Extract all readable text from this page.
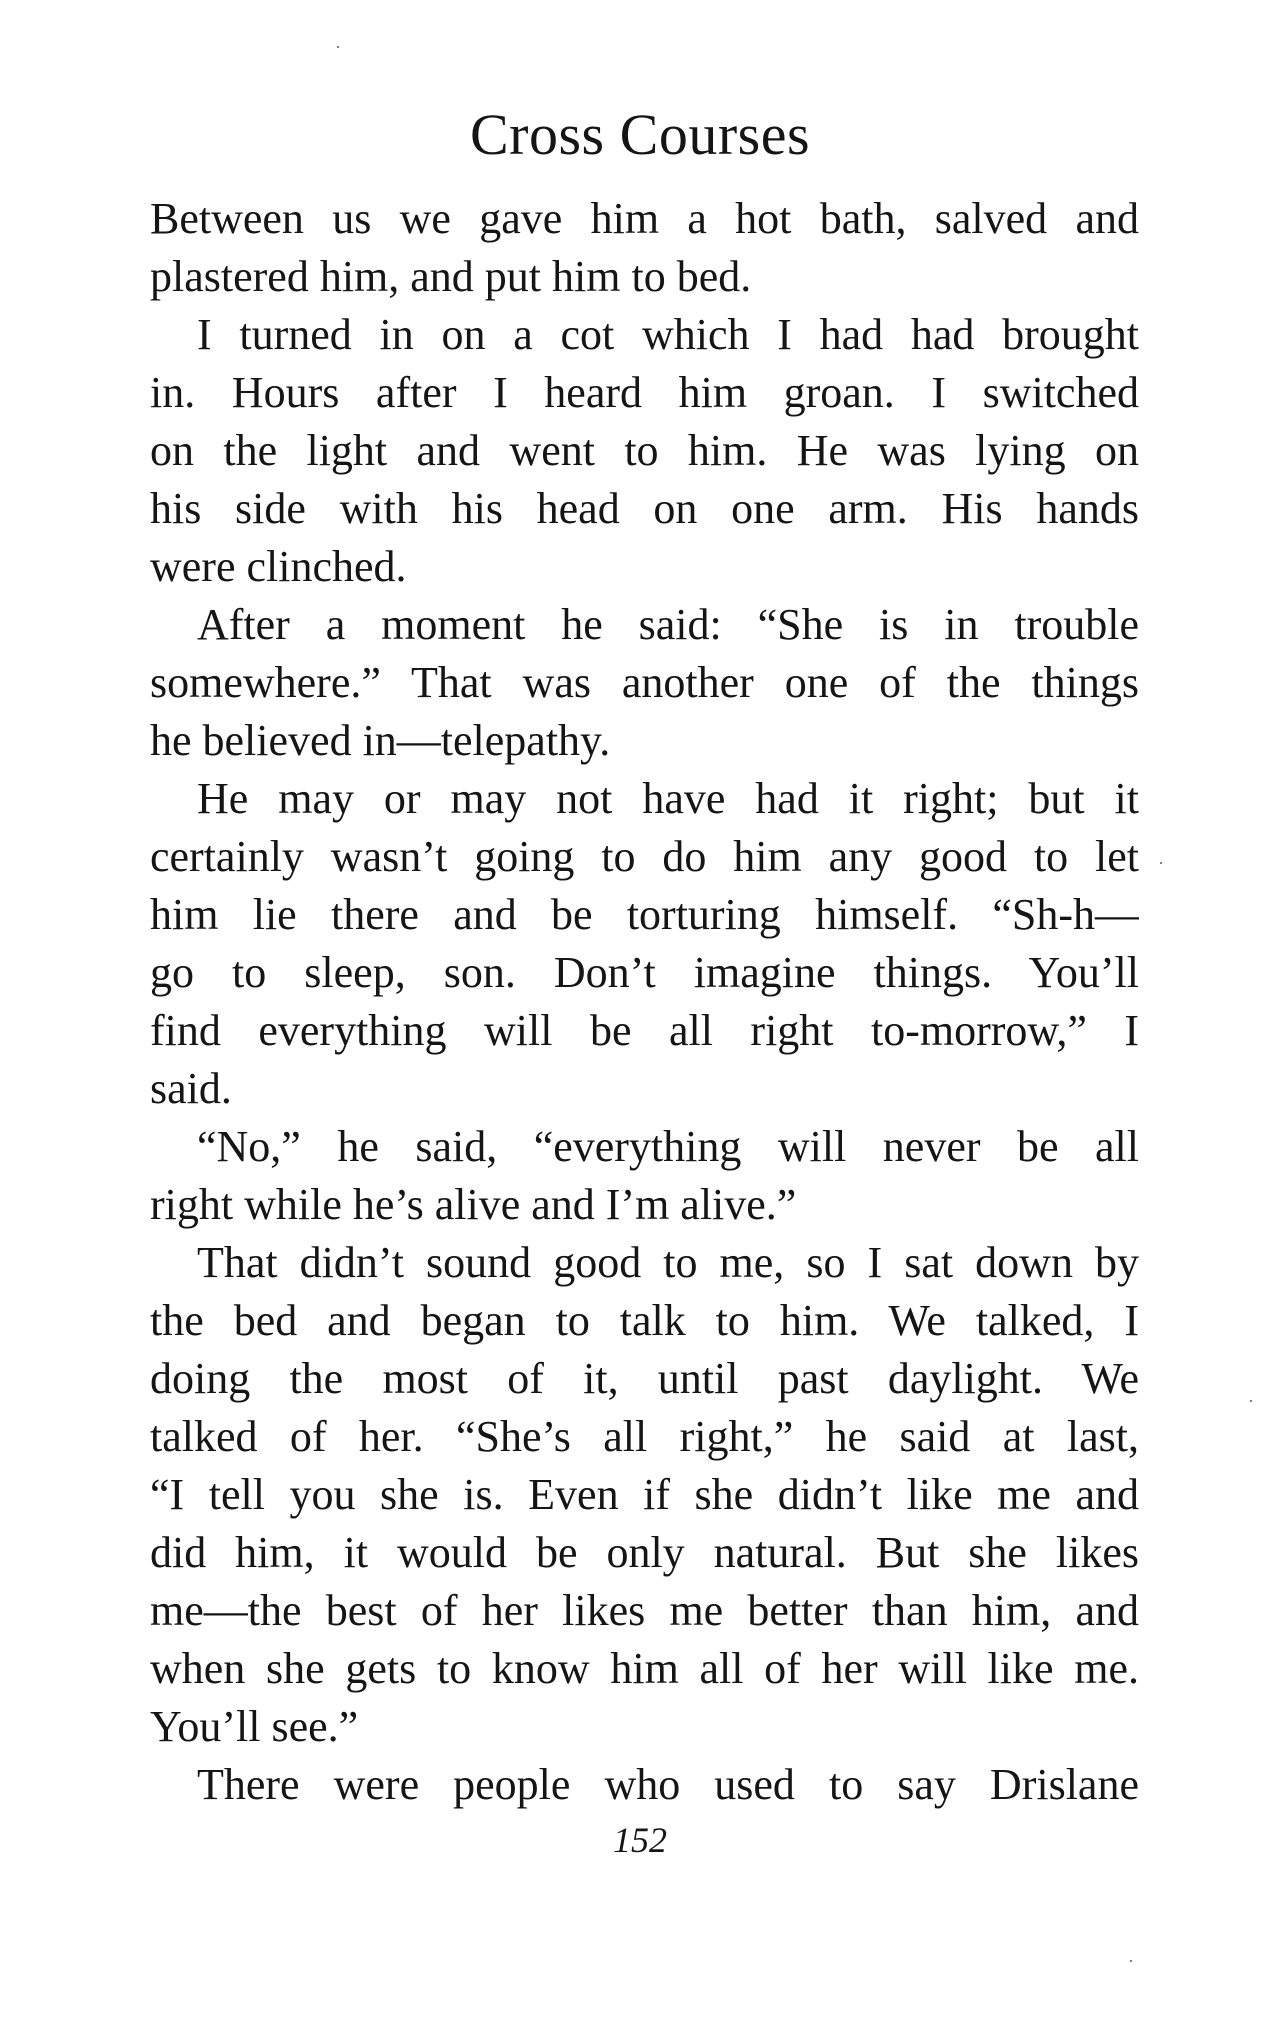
Cross Courses
Between us we gave him a hot bath, salved and
plastered him, and put him to bed.
I turned in on a cot which I had had brought
in. Hours after I heard him groan. I switched
on the light and went to him. He was lying on
his side with his head on one arm. His hands
were clinched.
After a moment he said: “She is in trouble
somewhere.” That was another one of the things
he believed in—telepathy.
He may or may not have had it right; but it
certainly wasn’t going to do him any good to let
him lie there and be torturing himself. “Sh-h—
go to sleep, son. Don’t imagine things. You’ll
find everything will be all right to-morrow,” I
said.
“No,” he said, “everything will never be all
right while he’s alive and I’m alive.”
That didn’t sound good to me, so I sat down by
the bed and began to talk to him. We talked, I
doing the most of it, until past daylight. We
talked of her. “She’s all right,” he said at last,
“I tell you she is. Even if she didn’t like me and
did him, it would be only natural. But she likes
me—the best of her likes me better than him, and
when she gets to know him all of her will like me.
You’ll see.”
There were people who used to say Drislane
152
